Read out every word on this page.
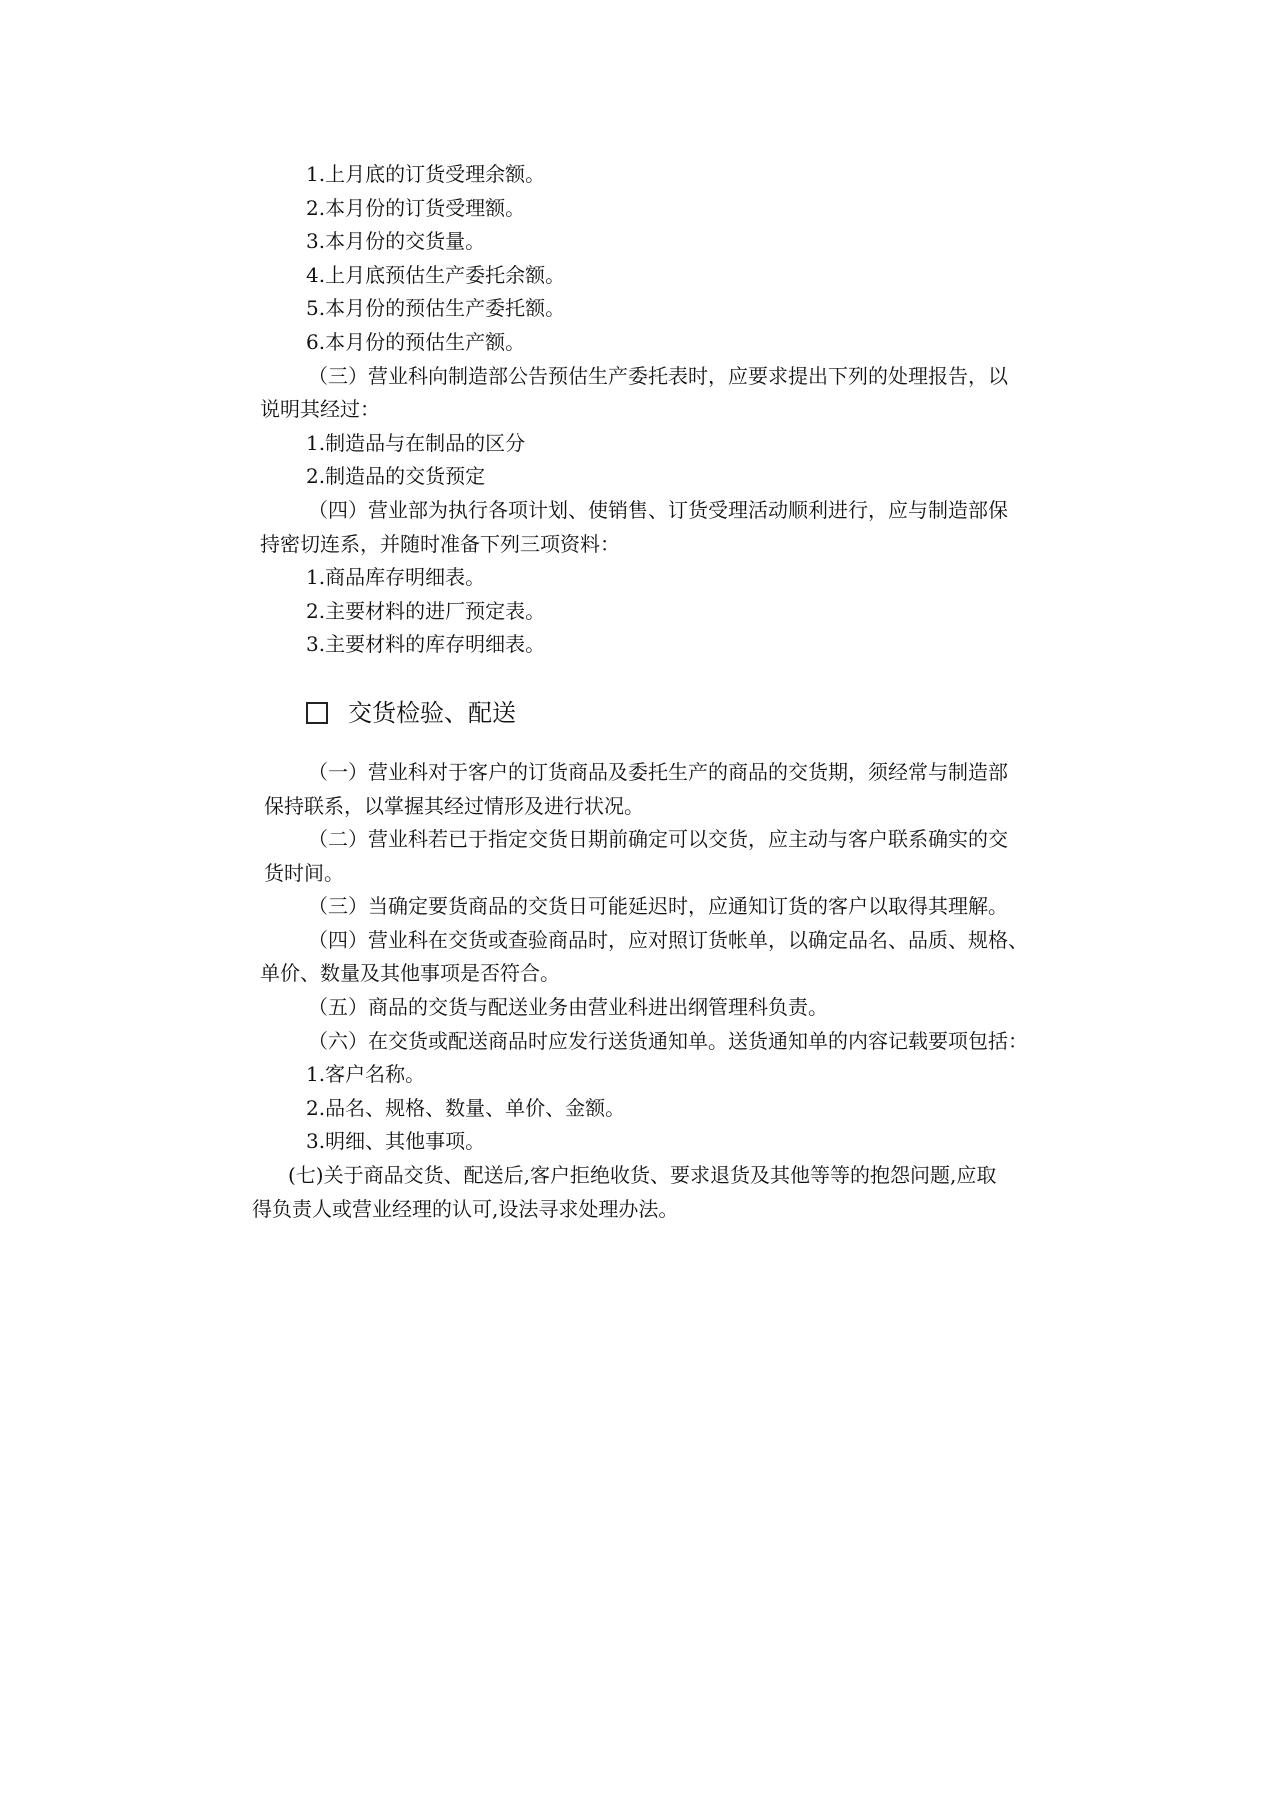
1.上月底的订货受理余额。
2.本月份的订货受理额。
3.本月份的交货量。
4.上月底预估生产委托余额。
5.本月份的预估生产委托额。
6.本月份的预估生产额。
（三）营业科向制造部公告预估生产委托表时，应要求提出下列的处理报告，以
说明其经过：
1.制造品与在制品的区分
2.制造品的交货预定
（四）营业部为执行各项计划、使销售、订货受理活动顺利进行，应与制造部保
持密切连系，并随时准备下列三项资料：
1.商品库存明细表。
2.主要材料的进厂预定表。
3.主要材料的库存明细表。
交货检验、配送
（一）营业科对于客户的订货商品及委托生产的商品的交货期，须经常与制造部
保持联系，以掌握其经过情形及进行状况。
（二）营业科若已于指定交货日期前确定可以交货，应主动与客户联系确实的交
货时间。
（三）当确定要货商品的交货日可能延迟时，应通知订货的客户以取得其理解。
（四）营业科在交货或查验商品时，应对照订货帐单，以确定品名、品质、规格、
单价、数量及其他事项是否符合。
（五）商品的交货与配送业务由营业科进出纲管理科负责。
（六）在交货或配送商品时应发行送货通知单。送货通知单的内容记载要项包括：
1.客户名称。
2.品名、规格、数量、单价、金额。
3.明细、其他事项。
(七)关于商品交货、配送后,客户拒绝收货、要求退货及其他等等的抱怨问题,应取
得负责人或营业经理的认可,设法寻求处理办法。
